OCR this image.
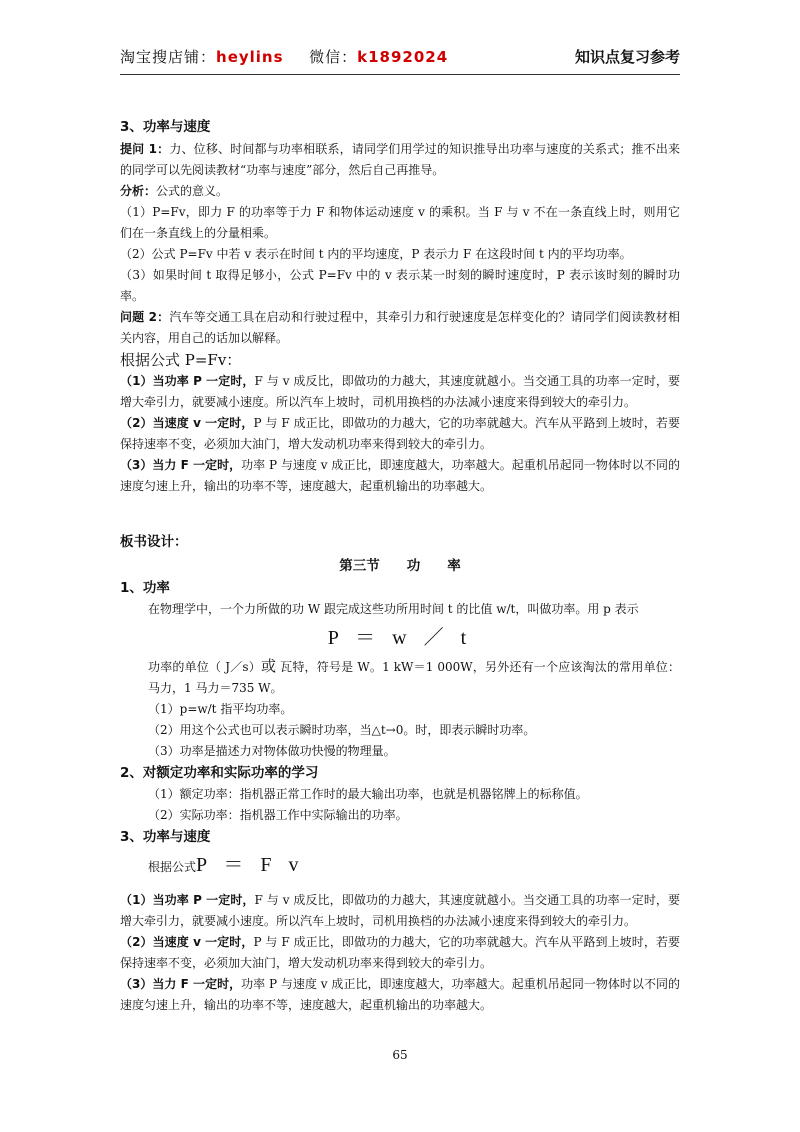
淘宝搜店铺：heylins 微信：k1892024	知识点复习参考
3、功率与速度
提问 1：力、位移、时间都与功率相联系，请同学们用学过的知识推导出功率与速度的关系式；推不出来的同学可以先阅读教材“功率与速度”部分，然后自己再推导。
分析：公式的意义。
（1）P=Fv，即力 F 的功率等于力 F 和物体运动速度 v 的乘积。当 F 与 v 不在一条直线上时，则用它们在一条直线上的分量相乘。
（2）公式 P=Fv 中若 v 表示在时间 t 内的平均速度，P 表示力 F 在这段时间 t 内的平均功率。
（3）如果时间 t 取得足够小，公式 P=Fv 中的 v 表示某一时刻的瞬时速度时，P 表示该时刻的瞬时功率。
问题 2：汽车等交通工具在启动和行驶过程中，其牵引力和行驶速度是怎样变化的？请同学们阅读教材相关内容，用自己的话加以解释。
根据公式 P=Fv：
（1）当功率 P 一定时，F 与 v 成反比，即做功的力越大，其速度就越小。当交通工具的功率一定时，要增大牵引力，就要减小速度。所以汽车上坡时，司机用换档的办法减小速度来得到较大的牵引力。
（2）当速度 v 一定时，P 与 F 成正比，即做功的力越大，它的功率就越大。汽车从平路到上坡时，若要保持速率不变，必须加大油门，增大发动机功率来得到较大的牵引力。
（3）当力 F 一定时，功率 P 与速度 v 成正比，即速度越大，功率越大。起重机吊起同一物体时以不同的速度匀速上升，输出的功率不等，速度越大，起重机输出的功率越大。
板书设计：
第三节　　功　　率
1、功率
在物理学中，一个力所做的功 W 跟完成这些功所用时间 t 的比值 w/t，叫做功率。用 p 表示
P ＝ w ／ t
功率的单位（ J／s）或 瓦特，符号是 W。1 kW＝1 000W，另外还有一个应该淘汰的常用单位：马力，1 马力＝735 W。
（1）p=w/t 指平均功率。
（2）用这个公式也可以表示瞬时功率，当△t→0。时，即表示瞬时功率。
（3）功率是描述力对物体做功快慢的物理量。
2、对额定功率和实际功率的学习
（1）额定功率：指机器正常工作时的最大输出功率，也就是机器铭牌上的标称值。
（2）实际功率：指机器工作中实际输出的功率。
3、功率与速度
根据公式P ＝ F v
（1）当功率 P 一定时，F 与 v 成反比，即做功的力越大，其速度就越小。当交通工具的功率一定时，要增大牵引力，就要减小速度。所以汽车上坡时，司机用换档的办法减小速度来得到较大的牵引力。
（2）当速度 v 一定时，P 与 F 成正比，即做功的力越大，它的功率就越大。汽车从平路到上坡时，若要保持速率不变，必须加大油门，增大发动机功率来得到较大的牵引力。
（3）当力 F 一定时，功率 P 与速度 v 成正比，即速度越大，功率越大。起重机吊起同一物体时以不同的速度匀速上升，输出的功率不等，速度越大，起重机输出的功率越大。
65
